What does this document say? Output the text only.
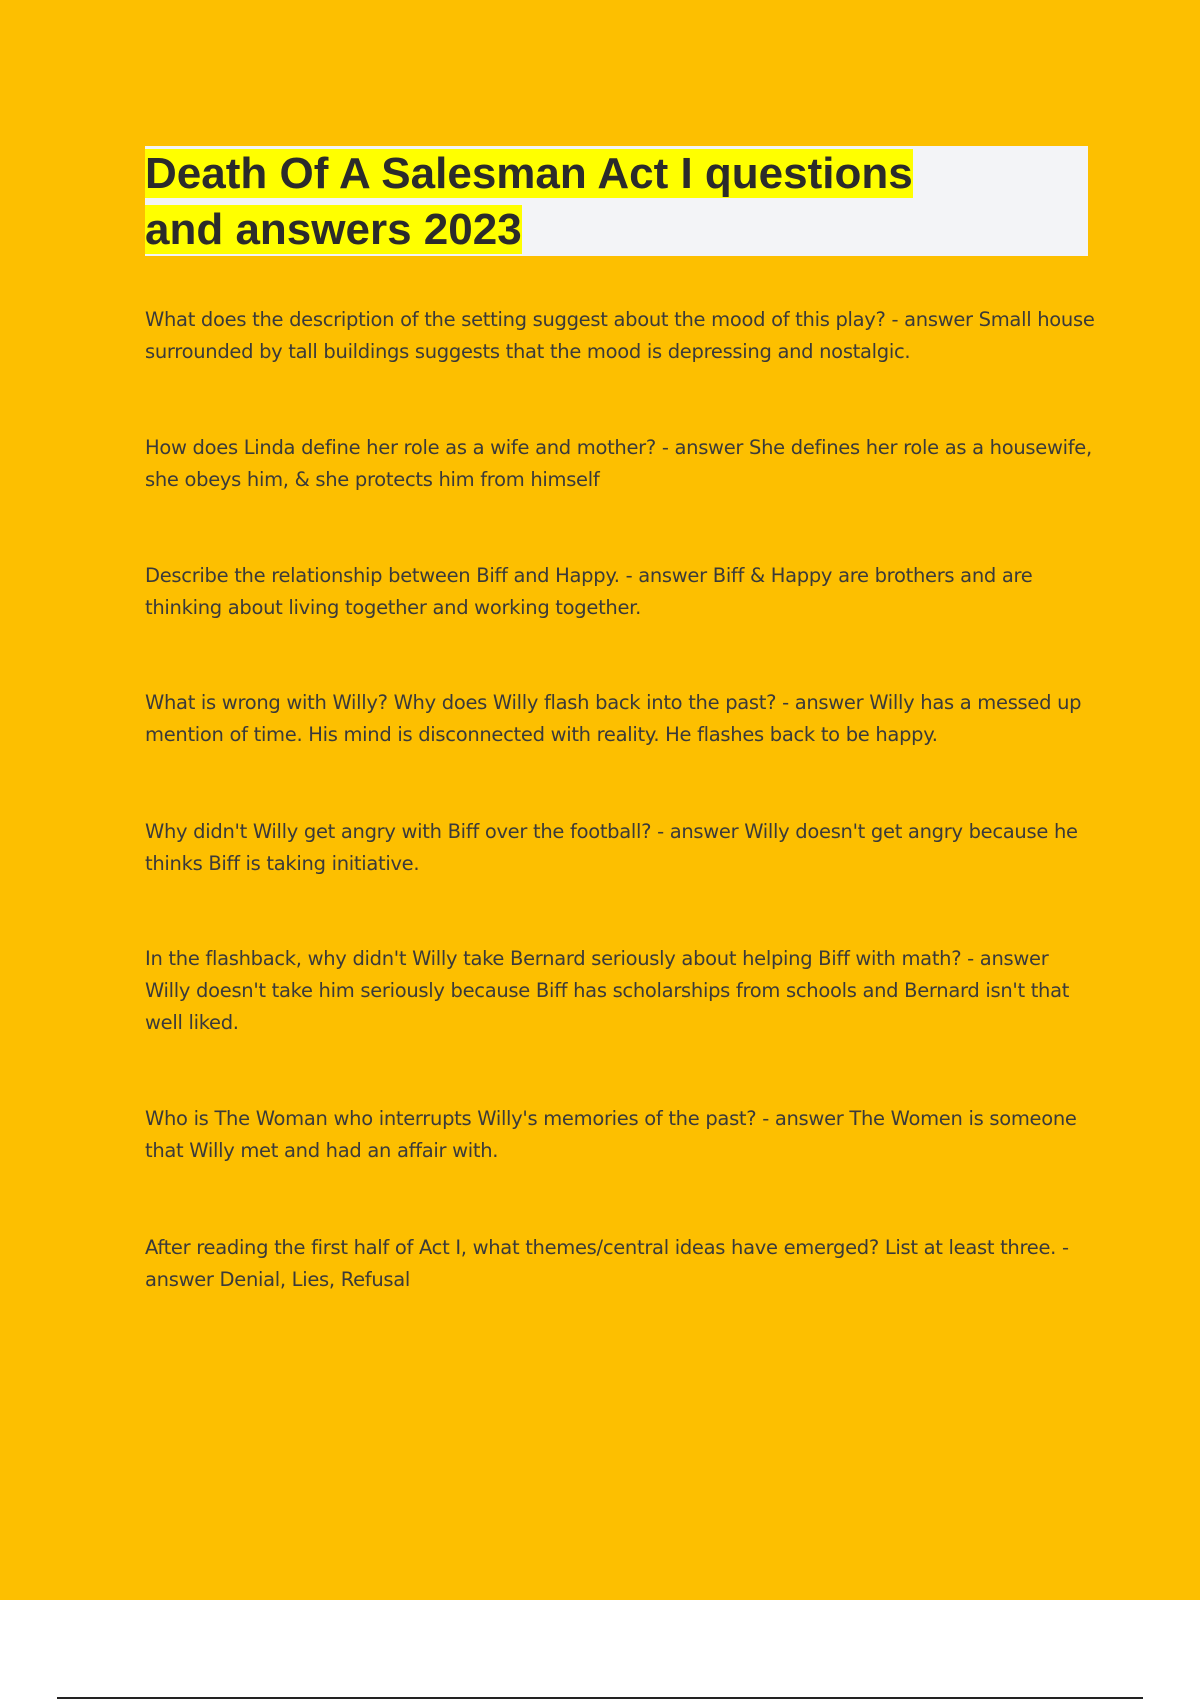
Death Of A Salesman Act I questions
and answers 2023

What does the description of the setting suggest about the mood of this play? - answer Small house surrounded by tall buildings suggests that the mood is depressing and nostalgic.

How does Linda define her role as a wife and mother? - answer She defines her role as a housewife, she obeys him, & she protects him from himself

Describe the relationship between Biff and Happy. - answer Biff & Happy are brothers and are thinking about living together and working together.

What is wrong with Willy? Why does Willy flash back into the past? - answer Willy has a messed up mention of time. His mind is disconnected with reality. He flashes back to be happy.

Why didn't Willy get angry with Biff over the football? - answer Willy doesn't get angry because he thinks Biff is taking initiative.

In the flashback, why didn't Willy take Bernard seriously about helping Biff with math? - answer Willy doesn't take him seriously because Biff has scholarships from schools and Bernard isn't that well liked.

Who is The Woman who interrupts Willy's memories of the past? - answer The Women is someone that Willy met and had an affair with.

After reading the first half of Act I, what themes/central ideas have emerged? List at least three. - answer Denial, Lies, Refusal
